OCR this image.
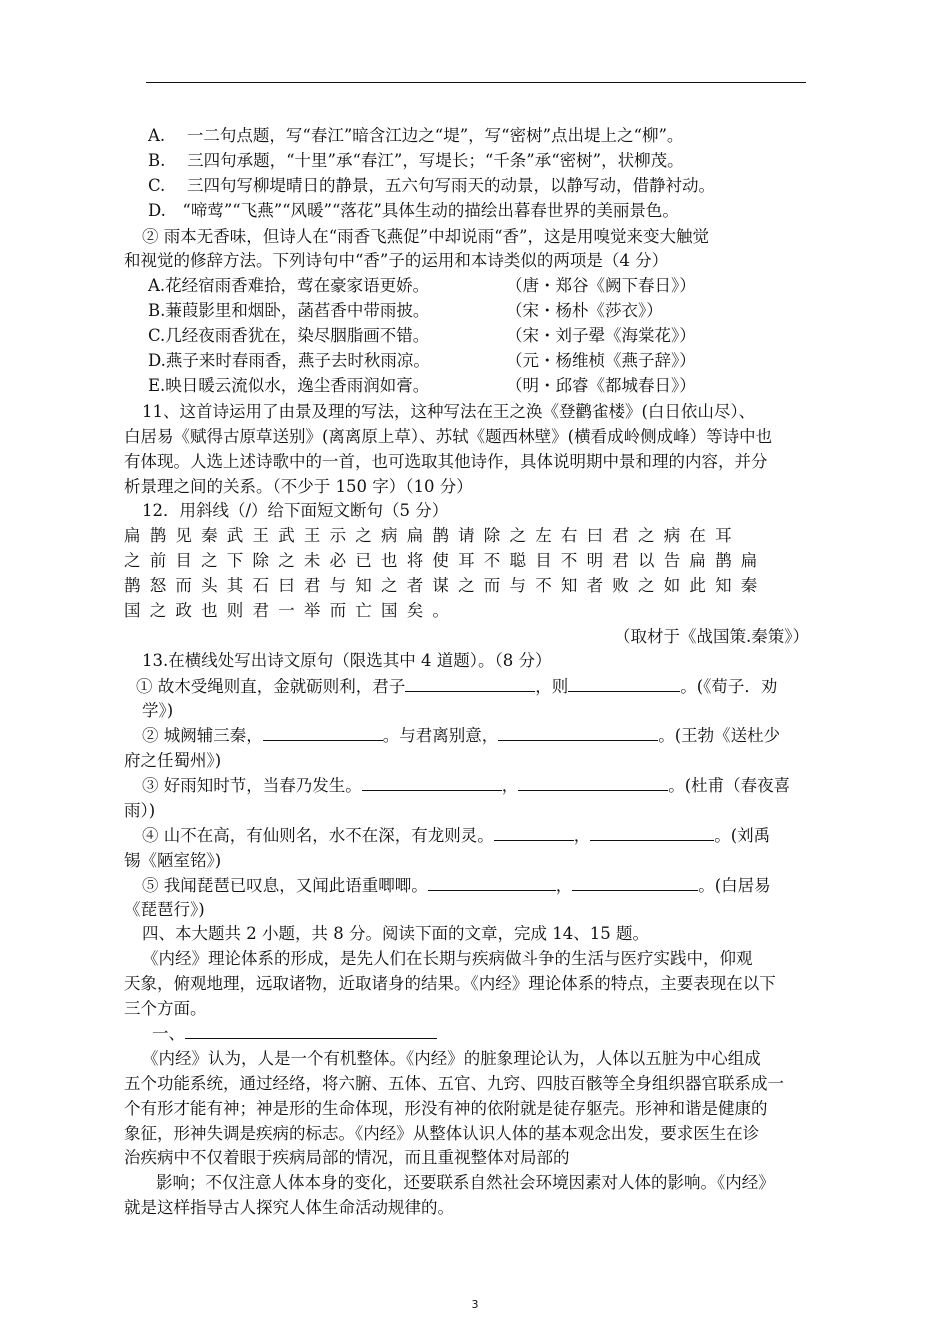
A.　 一二句点题，写“春江”暗含江边之“堤”，写“密树”点出堤上之“柳”。
B.　 三四句承题，“十里”承“春江”，写堤长；“千条”承“密树”，状柳茂。
C.　 三四句写柳堤晴日的静景，五六句写雨天的动景，以静写动，借静衬动。
D.　“啼莺”“飞燕”“风暖”“落花”具体生动的描绘出暮春世界的美丽景色。
② 雨本无香味，但诗人在“雨香飞燕促”中却说雨“香”，这是用嗅觉来变大触觉
和视觉的修辞方法。下列诗句中“香”子的运用和本诗类似的两项是（4 分）
A.花经宿雨香难拾，莺在豪家语更娇。	（唐・郑谷《阙下春日》）
B.蒹葭影里和烟卧，菡萏香中带雨披。	（宋・杨朴《莎衣》）
C.几经夜雨香犹在，染尽胭脂画不错。	（宋・刘子翚《海棠花》）
D.燕子来时春雨香，燕子去时秋雨凉。	（元・杨维桢《燕子辞》）
E.映日暖云流似水，逸尘香雨润如膏。	（明・邱睿《都城春日》）
11、这首诗运用了由景及理的写法，这种写法在王之涣《登鹳雀楼》(白日依山尽）、
白居易《赋得古原草送别》(离离原上草）、苏轼《题西林壁》(横看成岭侧成峰）等诗中也
有体现。人选上述诗歌中的一首，也可选取其他诗作，具体说明期中景和理的内容，并分
析景理之间的关系。（不少于 150 字）（10 分）
12．用斜线（/）给下面短文断句（5 分）
扁鹊见秦武王武王示之病扁鹊请除之左右曰君之病在耳
之前目之下除之未必已也将使耳不聪目不明君以告扁鹊扁
鹊怒而头其石曰君与知之者谋之而与不知者败之如此知秦
国之政也则君一举而亡国矣。
（取材于《战国策.秦策》）
13.在横线处写出诗文原句（限选其中 4 道题）。（8 分）
① 故木受绳则直，金就砺则利，君子	，则	。(《荀子．劝
学》)
② 城阙辅三秦，	。与君离别意，	。(王勃《送杜少
府之任蜀州》)
③ 好雨知时节，当春乃发生。	，	。(杜甫（春夜喜
雨）)
④ 山不在高，有仙则名，水不在深，有龙则灵。	，	。(刘禹
锡《陋室铭》)
⑤ 我闻琵琶已叹息，又闻此语重唧唧。	，	。(白居易
《琵琶行》)
四、本大题共 2 小题，共 8 分。阅读下面的文章，完成 14、15 题。
《内经》理论体系的形成，是先人们在长期与疾病做斗争的生活与医疗实践中，仰观
天象，俯观地理，远取诸物，近取诸身的结果。《内经》理论体系的特点，主要表现在以下
三个方面。
一、
《内经》认为，人是一个有机整体。《内经》的脏象理论认为，人体以五脏为中心组成
五个功能系统，通过经络，将六腑、五体、五官、九窍、四肢百骸等全身组织器官联系成一
个有形才能有神；神是形的生命体现，形没有神的依附就是徒存躯壳。形神和谐是健康的
象征，形神失调是疾病的标志。《内经》从整体认识人体的基本观念出发，要求医生在诊
治疾病中不仅着眼于疾病局部的情况，而且重视整体对局部的
影响；不仅注意人体本身的变化，还要联系自然社会环境因素对人体的影响。《内经》
就是这样指导古人探究人体生命活动规律的。
3
